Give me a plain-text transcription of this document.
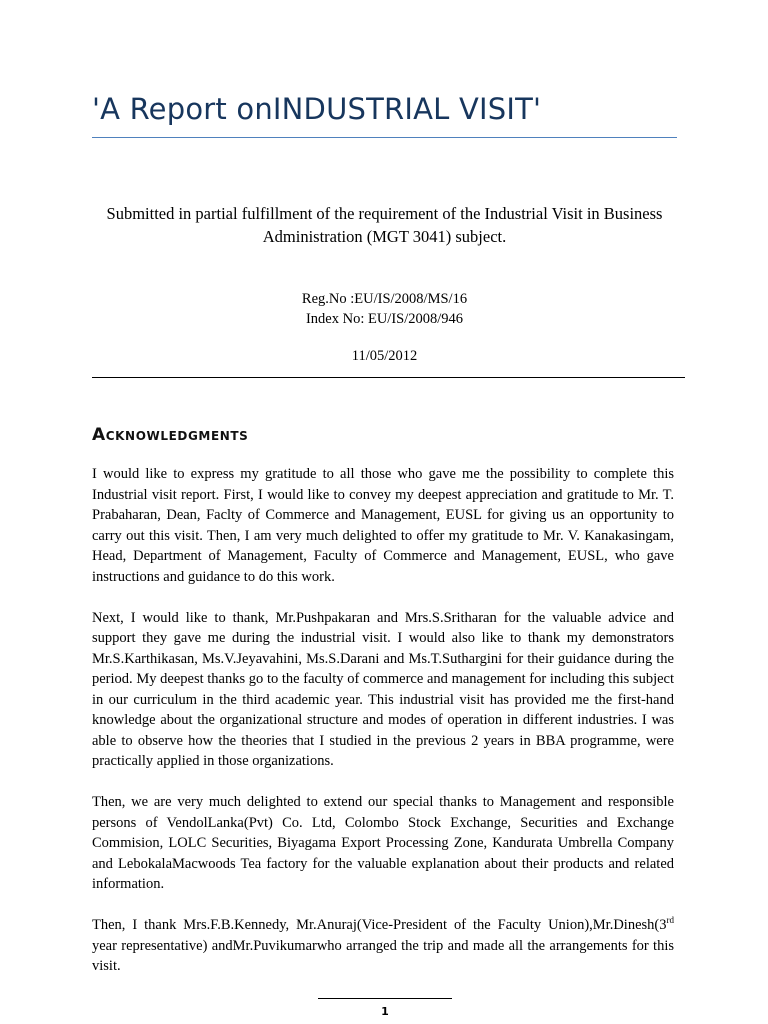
'A Report onINDUSTRIAL VISIT'
Submitted in partial fulfillment of the requirement of the Industrial Visit in Business Administration (MGT 3041) subject.
Reg.No :EU/IS/2008/MS/16
Index No: EU/IS/2008/946
11/05/2012
Acknowledgments

I would like to express my gratitude to all those who gave me the possibility to complete this Industrial visit report. First, I would like to convey my deepest appreciation and gratitude to Mr. T. Prabaharan, Dean, Faclty of Commerce and Management, EUSL for giving us an opportunity to carry out this visit. Then, I am very much delighted to offer my gratitude to Mr. V. Kanakasingam, Head, Department of Management, Faculty of Commerce and Management, EUSL, who gave instructions and guidance to do this work.

Next, I would like to thank, Mr.Pushpakaran and Mrs.S.Sritharan for the valuable advice and support they gave me during the industrial visit. I would also like to thank my demonstrators Mr.S.Karthikasan, Ms.V.Jeyavahini, Ms.S.Darani and Ms.T.Suthargini for their guidance during the period. My deepest thanks go to the faculty of commerce and management for including this subject in our curriculum in the third academic year. This industrial visit has provided me the first-hand knowledge about the organizational structure and modes of operation in different industries. I was able to observe how the theories that I studied in the previous 2 years in BBA programme, were practically applied in those organizations.

Then, we are very much delighted to extend our special thanks to Management and responsible persons of VendolLanka(Pvt) Co. Ltd, Colombo Stock Exchange, Securities and Exchange Commision, LOLC Securities, Biyagama Export Processing Zone, Kandurata Umbrella Company and LebokalaMacwoods Tea factory for the valuable explanation about their products and related information.

Then, I thank Mrs.F.B.Kennedy, Mr.Anuraj(Vice-President of the Faculty Union),Mr.Dinesh(3rd year representative) andMr.Puvikumarwho arranged the trip and made all the arrangements for this visit.

1
